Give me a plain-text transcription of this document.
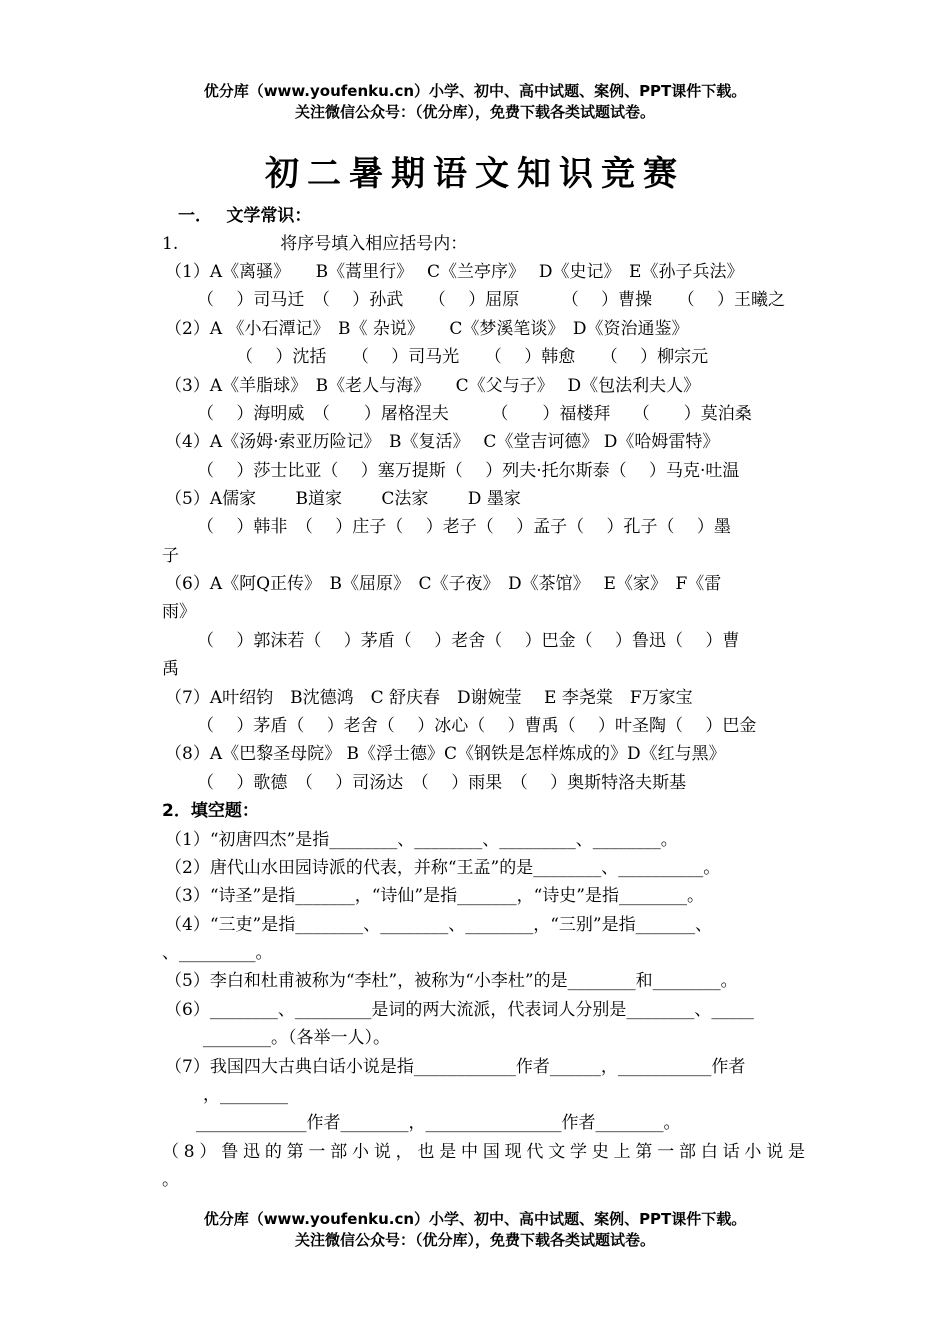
优分库（www.youfenku.cn）小学、初中、高中试题、案例、PPT课件下载。
关注微信公众号：（优分库），免费下载各类试题试卷。
初二暑期语文知识竞赛
一．　 文学常识：
1.　　　　　　将序号填入相应括号内：
（1）A《离骚》　　B《蒿里行》　 C《兰亭序》　 D《史记》　E《孙子兵法》
（　 ）司马迁　（　 ）孙武　　（　 ）屈原　　　（　 ）曹操　　（　 ）王曦之
（2）A 《小石潭记》　B《 杂说》　　C《梦溪笔谈》　D《资治通鉴》
（　 ）沈括　　（　 ）司马光　　（　 ）韩愈　　（　 ）柳宗元
（3）A《羊脂球》　B《老人与海》　　C《父与子》　 D《包法利夫人》
（　 ）海明威　（　　）屠格涅夫　　　（　　）福楼拜　 （　　）莫泊桑
（4）A《汤姆·索亚历险记》　B《复活》　 C《堂吉诃德》 D《哈姆雷特》
（　 ）莎士比亚（　 ）塞万提斯（　 ）列夫·托尔斯泰（　 ）马克·吐温
（5）A儒家　　 B道家　　 C法家　　 D 墨家
（　 ）韩非　（　 ）庄子（　 ）老子（　 ）孟子（　 ）孔子（　 ）墨
子
（6）A《阿Q正传》　B《屈原》　C《子夜》　D《茶馆》　 E《家》　F《雷
雨》
（　 ）郭沫若（　 ）茅盾（　 ）老舍（　 ）巴金（　 ）鲁迅（　 ）曹
禹
（7）A叶绍钧　B沈德鸿　C 舒庆春　D谢婉莹　 E 李尧棠　F万家宝
（　 ）茅盾（　 ）老舍（　 ）冰心（　 ）曹禹（　 ）叶圣陶（　 ）巴金
（8）A《巴黎圣母院》 B《浮士德》C《钢铁是怎样炼成的》D《红与黑》
（　 ）歌德　（　 ）司汤达　（　 ）雨果　（　 ）奥斯特洛夫斯基
2．填空题：
（1）“初唐四杰”是指________、________、_________、________。
（2）唐代山水田园诗派的代表，并称“王孟”的是________、__________。
（3）“诗圣”是指_______，“诗仙”是指_______，“诗史”是指________。
（4）“三吏”是指________、________、________，“三别”是指_______、
、_________。
（5）李白和杜甫被称为“李杜”，被称为“小李杜”的是________和________。
（6）________、_________是词的两大流派，代表词人分别是________、_____
________。（各举一人）。
（7）我国四大古典白话小说是指____________作者______，___________作者
，________
_____________作者________，________________作者________。
（8）鲁迅的第一部小说，也是中国现代文学史上第一部白话小说是
。
优分库（www.youfenku.cn）小学、初中、高中试题、案例、PPT课件下载。
关注微信公众号：（优分库），免费下载各类试题试卷。
